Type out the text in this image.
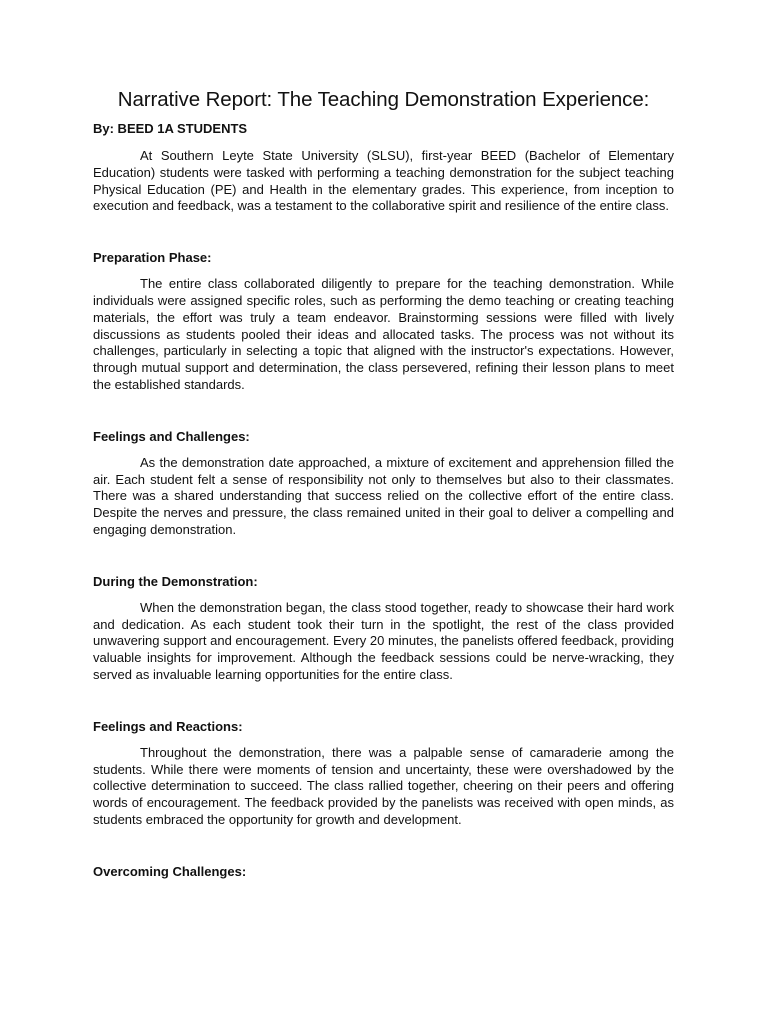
Narrative Report: The Teaching Demonstration Experience:

By: BEED 1A STUDENTS

At Southern Leyte State University (SLSU), first-year BEED (Bachelor of Elementary Education) students were tasked with performing a teaching demonstration for the subject teaching Physical Education (PE) and Health in the elementary grades. This experience, from inception to execution and feedback, was a testament to the collaborative spirit and resilience of the entire class.

Preparation Phase:

The entire class collaborated diligently to prepare for the teaching demonstration. While individuals were assigned specific roles, such as performing the demo teaching or creating teaching materials, the effort was truly a team endeavor. Brainstorming sessions were filled with lively discussions as students pooled their ideas and allocated tasks. The process was not without its challenges, particularly in selecting a topic that aligned with the instructor's expectations. However, through mutual support and determination, the class persevered, refining their lesson plans to meet the established standards.

Feelings and Challenges:

As the demonstration date approached, a mixture of excitement and apprehension filled the air. Each student felt a sense of responsibility not only to themselves but also to their classmates. There was a shared understanding that success relied on the collective effort of the entire class. Despite the nerves and pressure, the class remained united in their goal to deliver a compelling and engaging demonstration.

During the Demonstration:

When the demonstration began, the class stood together, ready to showcase their hard work and dedication. As each student took their turn in the spotlight, the rest of the class provided unwavering support and encouragement. Every 20 minutes, the panelists offered feedback, providing valuable insights for improvement. Although the feedback sessions could be nerve-wracking, they served as invaluable learning opportunities for the entire class.

Feelings and Reactions:

Throughout the demonstration, there was a palpable sense of camaraderie among the students. While there were moments of tension and uncertainty, these were overshadowed by the collective determination to succeed. The class rallied together, cheering on their peers and offering words of encouragement. The feedback provided by the panelists was received with open minds, as students embraced the opportunity for growth and development.

Overcoming Challenges:
